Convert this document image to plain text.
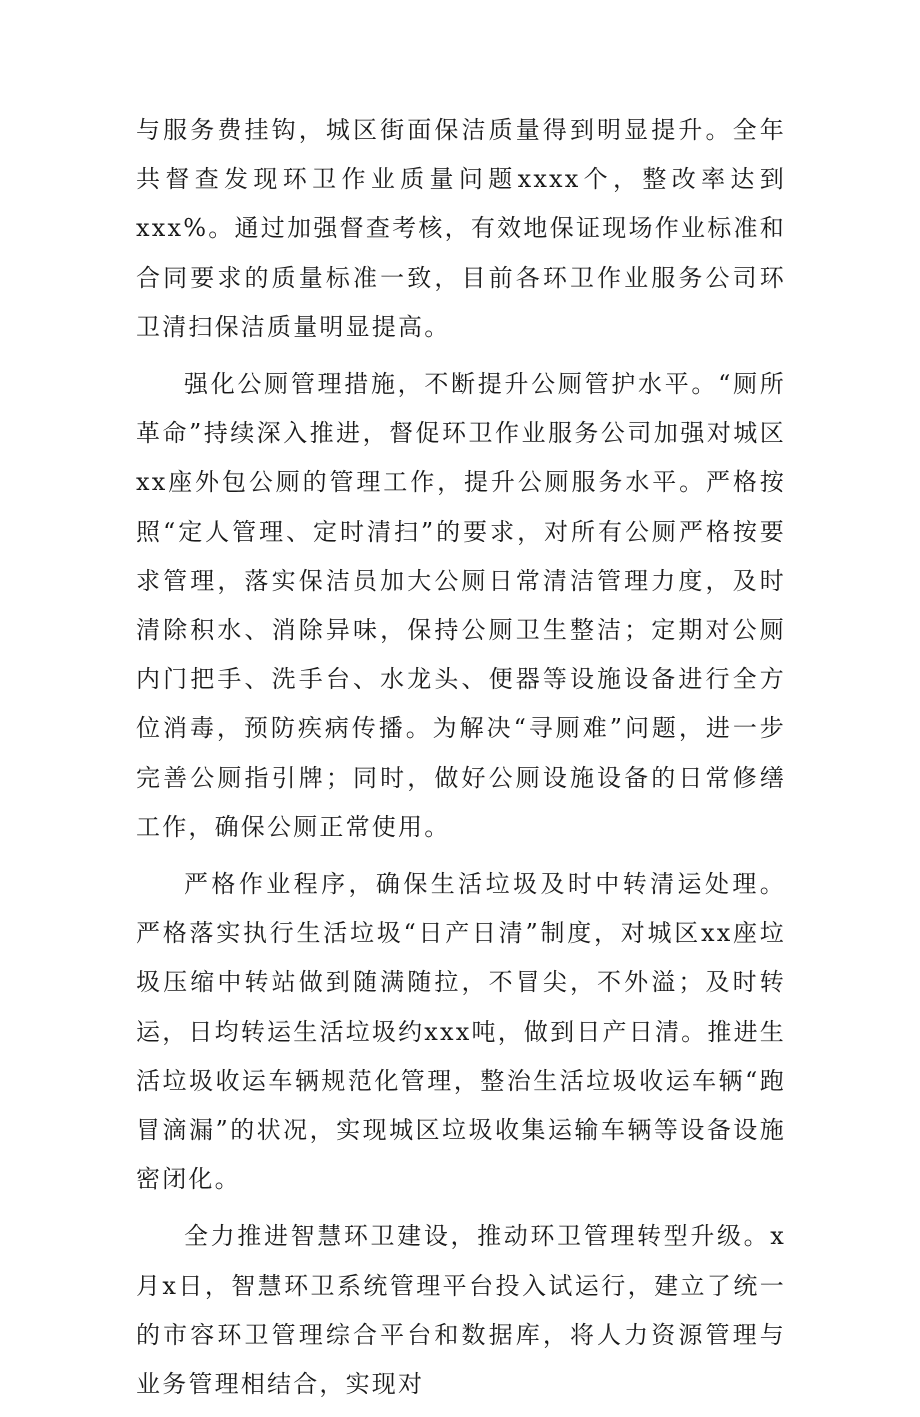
与服务费挂钩，城区街面保洁质量得到明显提升。全年共督查发现环卫作业质量问题xxxx个，整改率达到xxx%。通过加强督查考核，有效地保证现场作业标准和合同要求的质量标准一致，目前各环卫作业服务公司环卫清扫保洁质量明显提高。

强化公厕管理措施，不断提升公厕管护水平。“厕所革命”持续深入推进，督促环卫作业服务公司加强对城区xx座外包公厕的管理工作，提升公厕服务水平。严格按照“定人管理、定时清扫”的要求，对所有公厕严格按要求管理，落实保洁员加大公厕日常清洁管理力度，及时清除积水、消除异味，保持公厕卫生整洁；定期对公厕内门把手、洗手台、水龙头、便器等设施设备进行全方位消毒，预防疾病传播。为解决“寻厕难”问题，进一步完善公厕指引牌；同时，做好公厕设施设备的日常修缮工作，确保公厕正常使用。

严格作业程序，确保生活垃圾及时中转清运处理。严格落实执行生活垃圾“日产日清”制度，对城区xx座垃圾压缩中转站做到随满随拉，不冒尖，不外溢；及时转运，日均转运生活垃圾约xxx吨，做到日产日清。推进生活垃圾收运车辆规范化管理，整治生活垃圾收运车辆“跑冒滴漏”的状况，实现城区垃圾收集运输车辆等设备设施密闭化。

全力推进智慧环卫建设，推动环卫管理转型升级。x月x日，智慧环卫系统管理平台投入试运行，建立了统一的市容环卫管理综合平台和数据库，将人力资源管理与业务管理相结合，实现对
